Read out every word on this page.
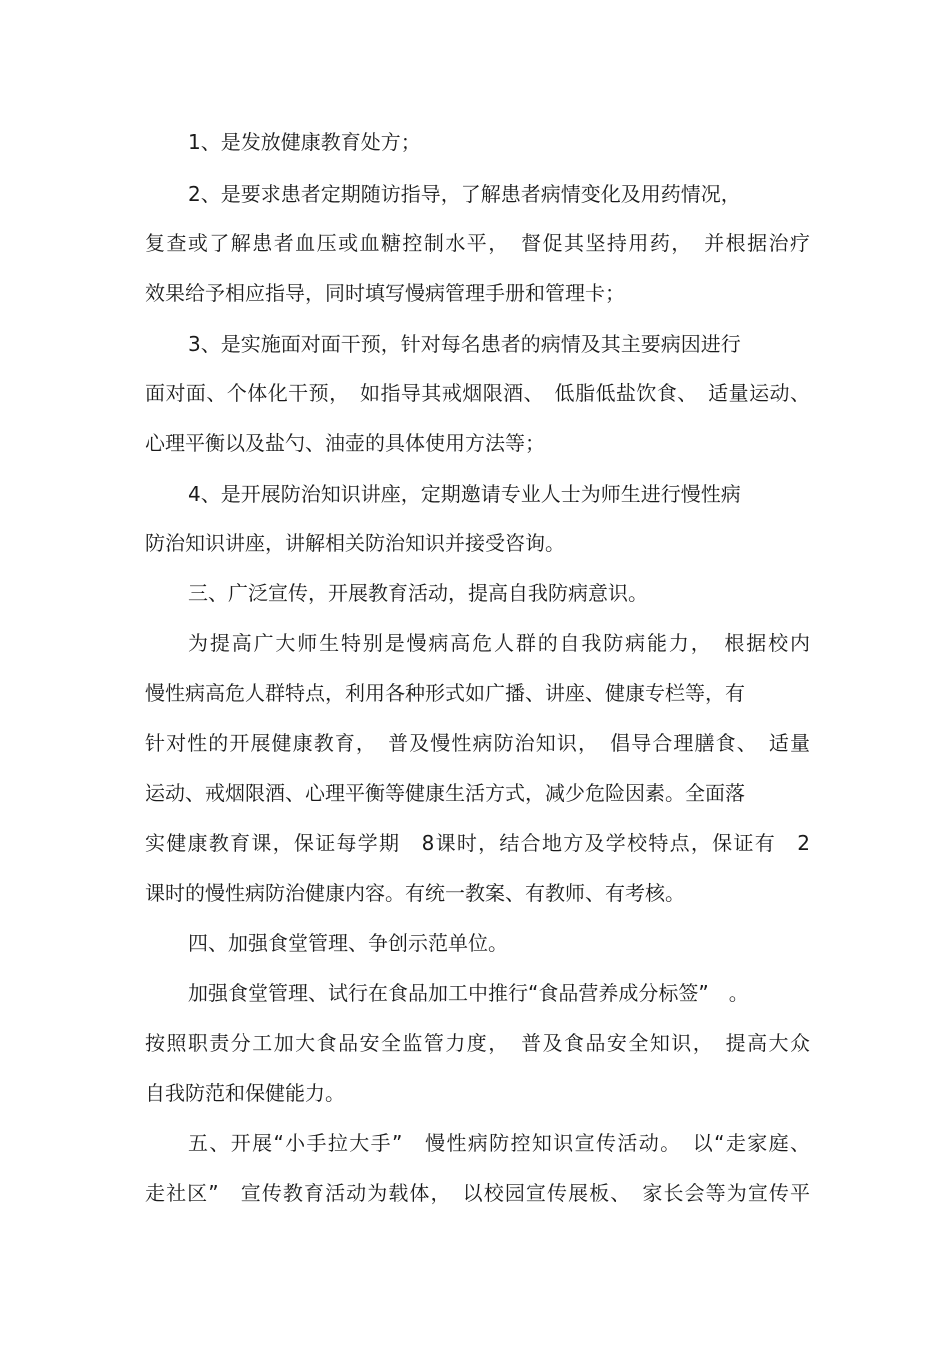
1、是发放健康教育处方；
2、是要求患者定期随访指导，了解患者病情变化及用药情况，
复查或了解患者血压或血糖控制水平，　督促其坚持用药，　并根据治疗
效果给予相应指导，同时填写慢病管理手册和管理卡；
3、是实施面对面干预，针对每名患者的病情及其主要病因进行
面对面、个体化干预，　如指导其戒烟限酒、　低脂低盐饮食、　适量运动、
心理平衡以及盐勺、油壶的具体使用方法等；
4、是开展防治知识讲座，定期邀请专业人士为师生进行慢性病
防治知识讲座，讲解相关防治知识并接受咨询。
三、广泛宣传，开展教育活动，提高自我防病意识。
为提高广大师生特别是慢病高危人群的自我防病能力，　根据校内
慢性病高危人群特点，利用各种形式如广播、讲座、健康专栏等，有
针对性的开展健康教育，　普及慢性病防治知识，　倡导合理膳食、　适量
运动、戒烟限酒、心理平衡等健康生活方式，减少危险因素。全面落
实健康教育课，保证每学期　8课时，结合地方及学校特点，保证有　2
课时的慢性病防治健康内容。有统一教案、有教师、有考核。
四、加强食堂管理、争创示范单位。
加强食堂管理、试行在食品加工中推行“食品营养成分标签”　。
按照职责分工加大食品安全监管力度，　普及食品安全知识，　提高大众
自我防范和保健能力。
五、开展“小手拉大手”　慢性病防控知识宣传活动。　以“走家庭、
走社区”　宣传教育活动为载体，　以校园宣传展板、　家长会等为宣传平
